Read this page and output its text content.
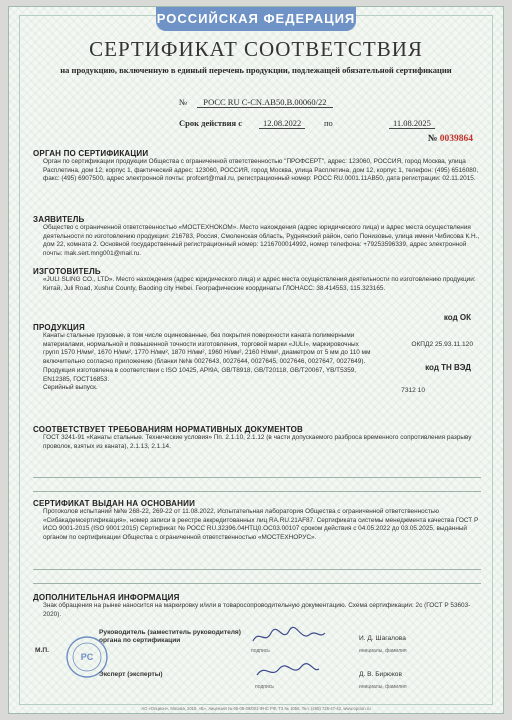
РОССИЙСКАЯ ФЕДЕРАЦИЯ
СЕРТИФИКАТ СООТВЕТСТВИЯ
на продукцию, включенную в единый перечень продукции, подлежащей обязательной сертификации
№ РОСС RU C-CN.AB50.B.00060/22
Срок действия с	12.08.2022	по	11.08.2025
№ 0039864
ОРГАН ПО СЕРТИФИКАЦИИ
Орган по сертификации продукции Общества с ограниченной ответственностью "ПРОФСЕРТ", адрес: 123060, РОССИЯ, город Москва, улица Расплетина, дом 12, корпус 1, фактический адрес: 123060, РОССИЯ, город Москва, улица Расплетина, дом 12, корпус 1, телефон: (495) 6516080, факс: (495) 6907500, адрес электронной почты: profcert@mail.ru, регистрационный номер: РОСС RU.0001.11АВ50, дата регистрации: 02.11.2015.
ЗАЯВИТЕЛЬ
Общество с ограниченной ответственностью «МОСТЕХНОКОМ». Место нахождения (адрес юридического лица) и адрес места осуществления деятельности по изготовлению продукции: 216783, Россия, Смоленская область, Руднянский район, село Понизовье, улица имени Чибисова К.Н., дом 22, комната 2. Основной государственный регистрационный номер: 1216700014992, номер телефона: +79253596339, адрес электронной почты: mak.sert.mng001@mail.ru.
ИЗГОТОВИТЕЛЬ
«JULI SLING CO., LTD». Место нахождения (адрес юридического лица) и адрес места осуществления деятельности по изготовлению продукции: Китай, Juli Road, Xushui County, Baoding city Hebei. Географические координаты ГЛОНАСС: 38.414553, 115.323165.
код ОК
ПРОДУКЦИЯ
Канаты стальные грузовые, в том числе оцинкованные, без покрытия поверхности каната полимерными материалами, нормальной и повышенной точности изготовления, торговой марки «JULI», маркировочных групп 1570 Н/мм², 1670 Н/мм², 1770 Н/мм², 1870 Н/мм², 1960 Н/мм², 2160 Н/мм², диаметром от 5 мм до 110 мм включительно согласно приложению (бланки №№ 0027643, 0027644, 0027645, 0027646, 0027647, 0027649). Продукция изготовлена в соответствии с ISO 10425, API9A, GB/T8918, GB/T20118, GB/T20067, YB/T5359, EN12385, ГОСТ16853.
Серийный выпуск.
ОКПД2 25.93.11.120
код ТН ВЭД
7312 10
СООТВЕТСТВУЕТ ТРЕБОВАНИЯМ НОРМАТИВНЫХ ДОКУМЕНТОВ
ГОСТ 3241-91 «Канаты стальные. Технические условия» Пп. 2.1.10, 2.1.12 (в части допускаемого разброса временного сопротивления разрыву проволок, взятых из каната), 2.1.13, 2.1.14.
СЕРТИФИКАТ ВЫДАН НА ОСНОВАНИИ
Протоколов испытаний №№ 268-22, 269-22 от 11.08.2022, Испытательная лаборатория Общества с ограниченной ответственностью «Сибакадемсертификация», номер записи в реестре аккредитованных лиц RA.RU.21AF87. Сертификата системы менеджмента качества ГОСТ Р ИСО 9001-2015 (ISO 9001:2015) Сертификат № РОСС RU.32396.04НТЦ0.ОС03.00107 сроком действия с 04.05.2022 до 03.05.2025, выданный органом по сертификации Общества с ограниченной ответственностью «МОСТЕХНОРУС».
ДОПОЛНИТЕЛЬНАЯ ИНФОРМАЦИЯ
Знак обращения на рынке наносится на маркировку и/или в товаросопроводительную документацию. Схема сертификации: 2с (ГОСТ Р 53603-2020).
Руководитель (заместитель руководителя)
органа по сертификации
подпись
И. Д. Шагалова
инициалы, фамилия
PC
М.П.
Эксперт (эксперты)
подпись
Д. В. Бирюков
инициалы, фамилия
АО «Опцион», Москва, 2019, «Б», лицензия № 05-05-09/003 ФНС РФ, ТЗ № 1058. Тел. (495) 726-47-42, www.opcion.ru
